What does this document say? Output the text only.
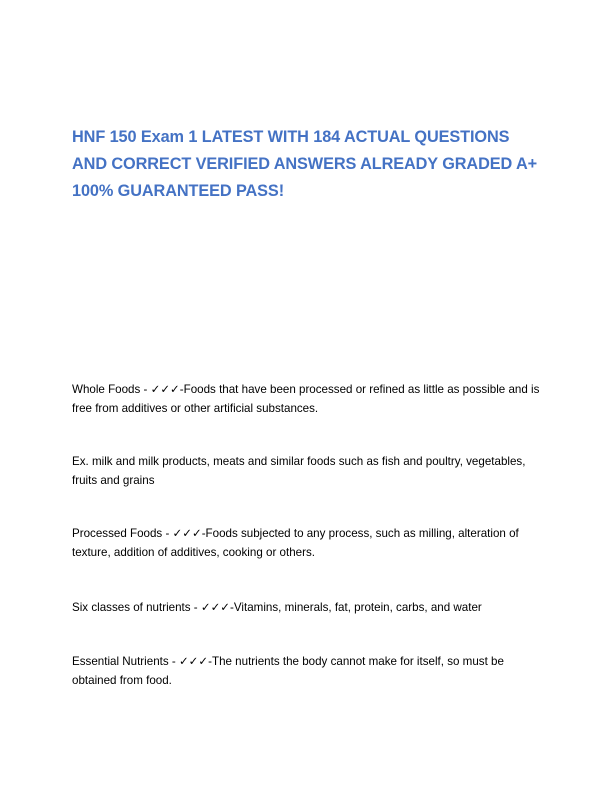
HNF 150 Exam 1 LATEST WITH 184 ACTUAL QUESTIONS AND CORRECT VERIFIED ANSWERS ALREADY GRADED A+ 100% GUARANTEED PASS!

Whole Foods - ✓✓✓-Foods that have been processed or refined as little as possible and is free from additives or other artificial substances.

Ex. milk and milk products, meats and similar foods such as fish and poultry, vegetables, fruits and grains

Processed Foods - ✓✓✓-Foods subjected to any process, such as milling, alteration of texture, addition of additives, cooking or others.

Six classes of nutrients - ✓✓✓-Vitamins, minerals, fat, protein, carbs, and water

Essential Nutrients - ✓✓✓-The nutrients the body cannot make for itself, so must be obtained from food.
